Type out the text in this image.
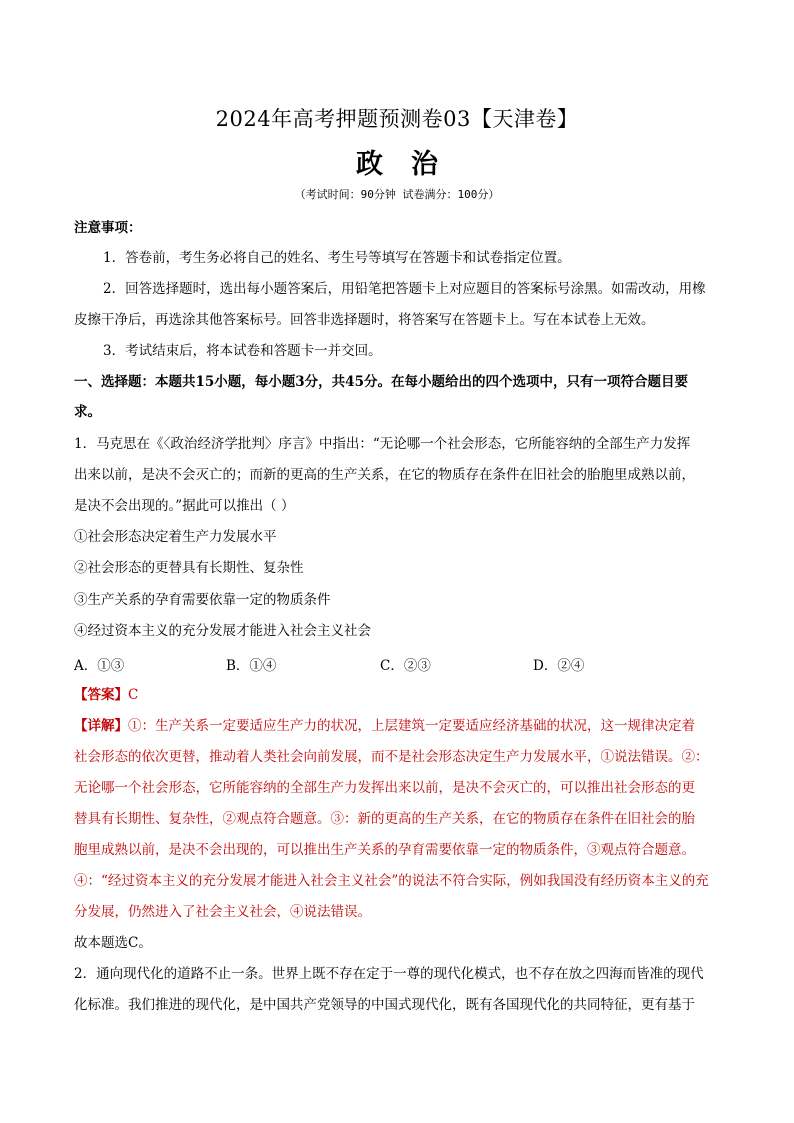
2024年高考押题预测卷03【天津卷】
政治
（考试时间：90分钟 试卷满分：100分）
注意事项：
1．答卷前，考生务必将自己的姓名、考生号等填写在答题卡和试卷指定位置。
2．回答选择题时，选出每小题答案后，用铅笔把答题卡上对应题目的答案标号涂黑。如需改动，用橡
皮擦干净后，再选涂其他答案标号。回答非选择题时，将答案写在答题卡上。写在本试卷上无效。
3．考试结束后，将本试卷和答题卡一并交回。
一、选择题：本题共15小题，每小题3分，共45分。在每小题给出的四个选项中，只有一项符合题目要
求。
1．马克思在《〈政治经济学批判〉序言》中指出：“无论哪一个社会形态，它所能容纳的全部生产力发挥
出来以前，是决不会灭亡的；而新的更高的生产关系，在它的物质存在条件在旧社会的胎胞里成熟以前，
是决不会出现的。”据此可以推出（ ）
①社会形态决定着生产力发展水平
②社会形态的更替具有长期性、复杂性
③生产关系的孕育需要依靠一定的物质条件
④经过资本主义的充分发展才能进入社会主义社会
A．①③	B．①④	C．②③	D．②④
【答案】C
【详解】①：生产关系一定要适应生产力的状况，上层建筑一定要适应经济基础的状况，这一规律决定着
社会形态的依次更替，推动着人类社会向前发展，而不是社会形态决定生产力发展水平，①说法错误。②：
无论哪一个社会形态，它所能容纳的全部生产力发挥出来以前，是决不会灭亡的，可以推出社会形态的更
替具有长期性、复杂性，②观点符合题意。③：新的更高的生产关系，在它的物质存在条件在旧社会的胎
胞里成熟以前，是决不会出现的，可以推出生产关系的孕育需要依靠一定的物质条件，③观点符合题意。
④：“经过资本主义的充分发展才能进入社会主义社会”的说法不符合实际，例如我国没有经历资本主义的充
分发展，仍然进入了社会主义社会，④说法错误。
故本题选C。
2．通向现代化的道路不止一条。世界上既不存在定于一尊的现代化模式，也不存在放之四海而皆准的现代
化标准。我们推进的现代化，是中国共产党领导的中国式现代化，既有各国现代化的共同特征，更有基于
